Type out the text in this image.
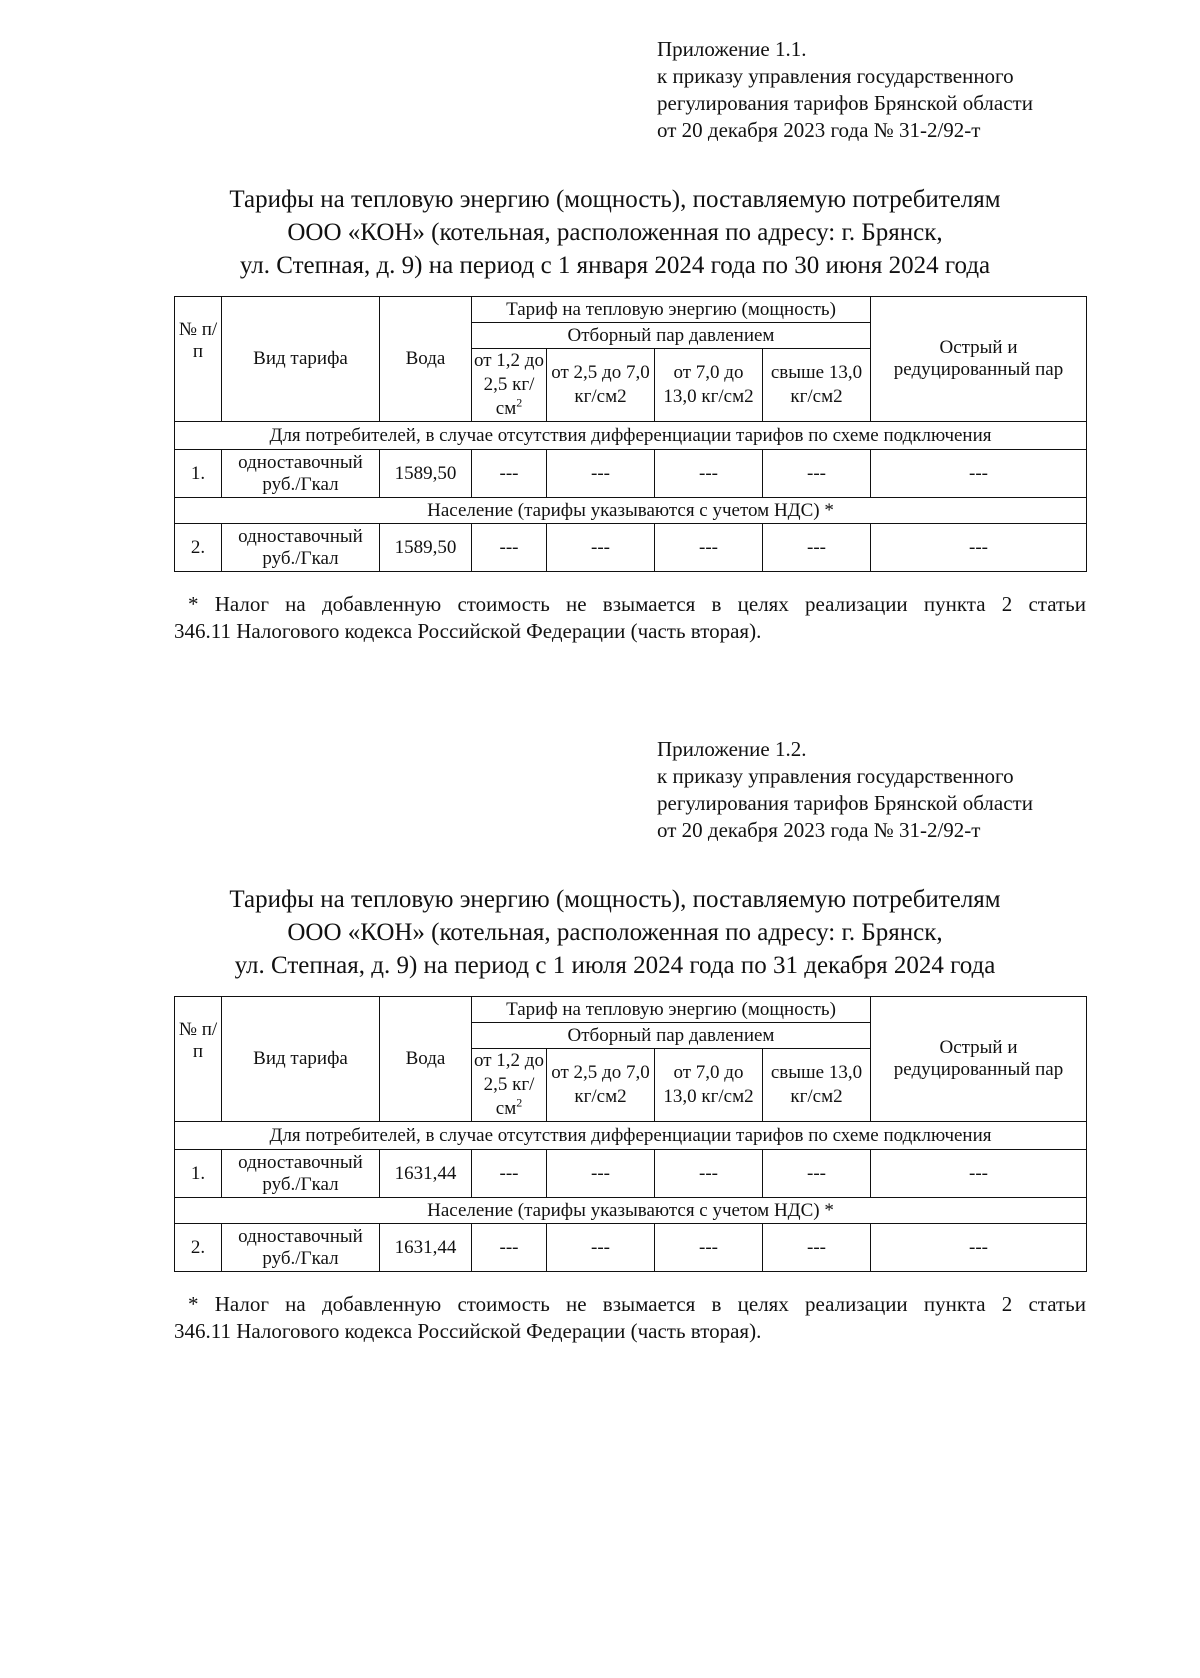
Приложение 1.1.
к приказу управления государственного
регулирования тарифов Брянской области
от 20 декабря 2023 года № 31-2/92-т
Тарифы на тепловую энергию (мощность), поставляемую потребителям
ООО «КОН» (котельная, расположенная по адресу: г. Брянск,
ул. Степная, д. 9) на период с 1 января 2024 года по 30 июня 2024 года
№ п/ п	Вид тарифа	Вода	Тариф на тепловую энергию (мощность)				Острый и редуцированный пар
			Отборный пар давлением				
			от 1,2 до 2,5 $кг/см^2$	от 2,5 до 7,0 кг/см2	от 7,0 до 13,0 кг/см2	свыше 13,0 кг/см2	
Для потребителей, в случае отсутствия дифференциации тарифов по схеме подключения							
1.	одноставочный руб./Гкал	1589,50	---	---	---	---	---
Население (тарифы указываются с учетом НДС) *							
2.	одноставочный руб./Гкал	1589,50	---	---	---	---	---
* Налог на добавленную стоимость не взымается в целях реализации пункта 2 статьи
346.11 Налогового кодекса Российской Федерации (часть вторая).
Приложение 1.2.
к приказу управления государственного
регулирования тарифов Брянской области
от 20 декабря 2023 года № 31-2/92-т
Тарифы на тепловую энергию (мощность), поставляемую потребителям
ООО «КОН» (котельная, расположенная по адресу: г. Брянск,
ул. Степная, д. 9) на период с 1 июля 2024 года по 31 декабря 2024 года
№ п/ п	Вид тарифа	Вода	Тариф на тепловую энергию (мощность)				Острый и редуцированный пар
			Отборный пар давлением				
			от 1,2 до 2,5 $кг/см^2$	от 2,5 до 7,0 кг/см2	от 7,0 до 13,0 кг/см2	свыше 13,0 кг/см2	
Для потребителей, в случае отсутствия дифференциации тарифов по схеме подключения							
1.	одноставочный руб./Гкал	1631,44	---	---	---	---	---
Население (тарифы указываются с учетом НДС) *							
2.	одноставочный руб./Гкал	1631,44	---	---	---	---	---
* Налог на добавленную стоимость не взымается в целях реализации пункта 2 статьи
346.11 Налогового кодекса Российской Федерации (часть вторая).
